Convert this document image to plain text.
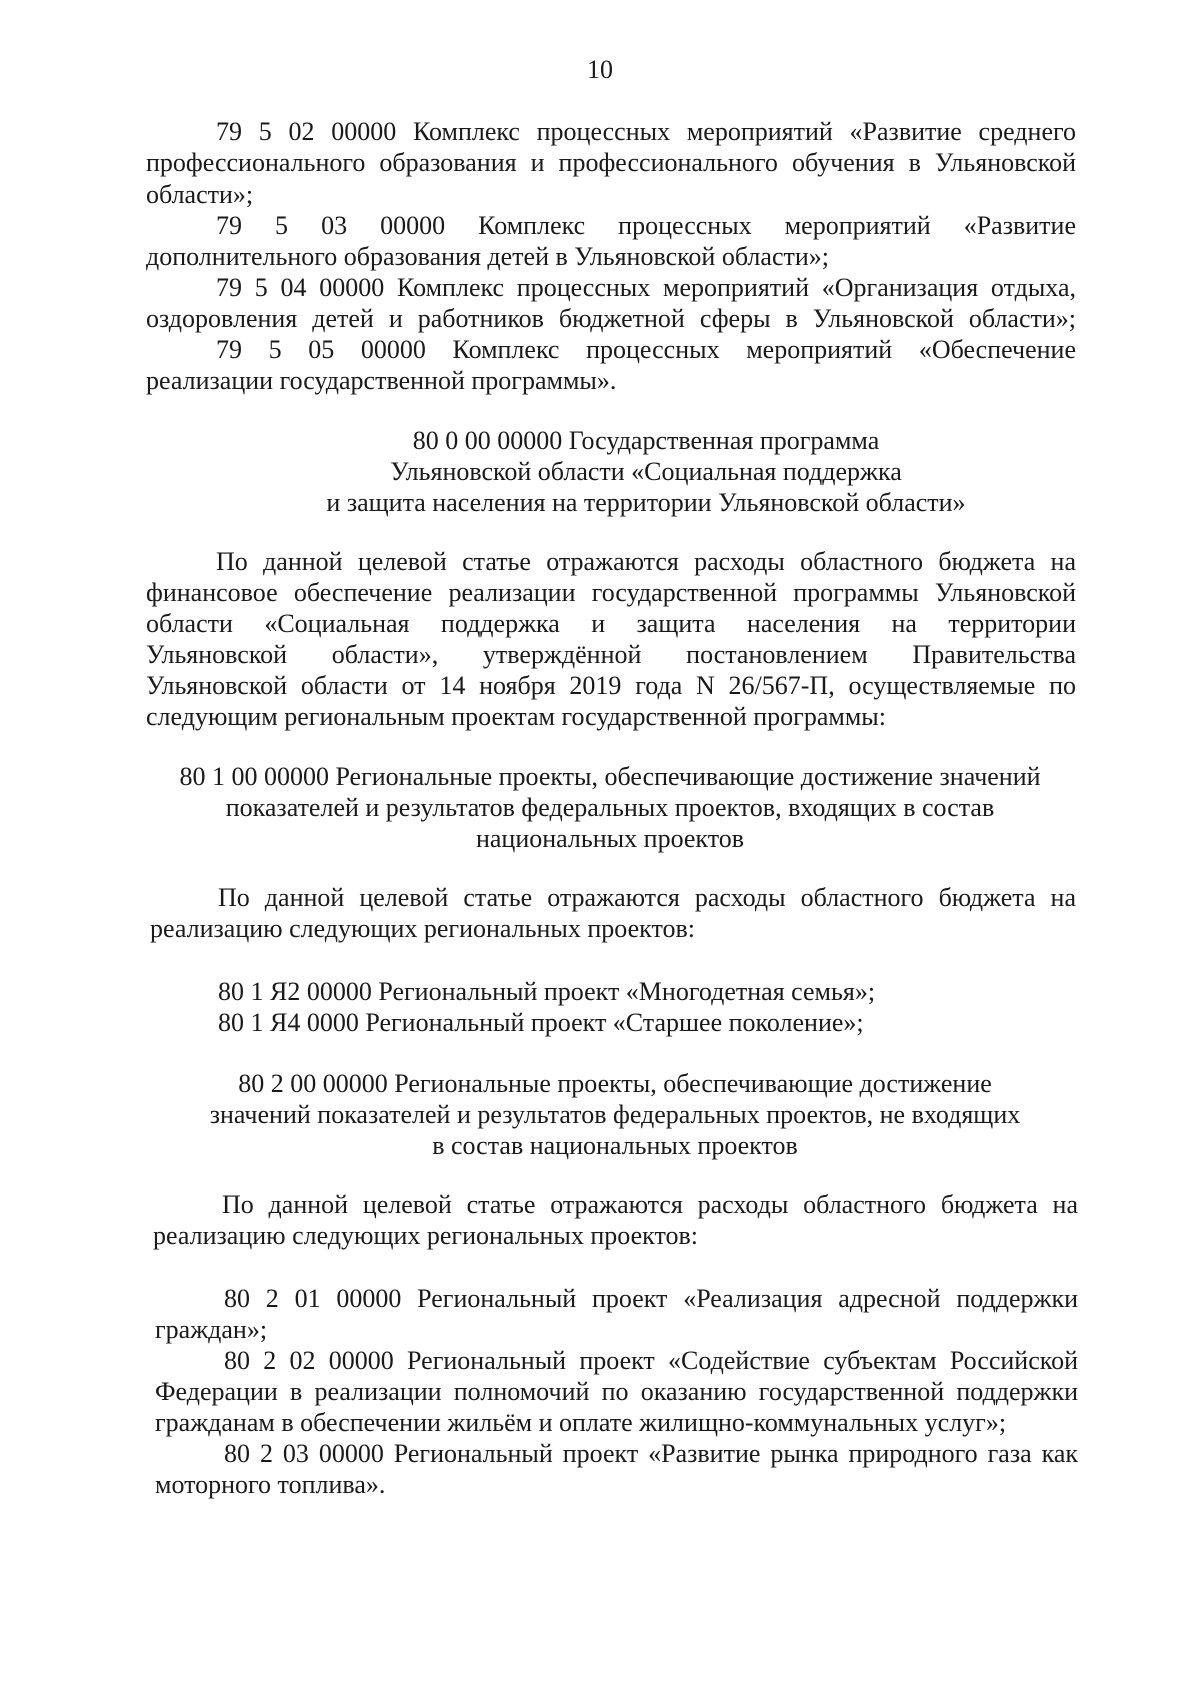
10
79 5 02 00000 Комплекс процессных мероприятий «Развитие среднего
профессионального образования и профессионального обучения в Ульяновской
области»;
79 5 03 00000 Комплекс процессных мероприятий «Развитие
дополнительного образования детей в Ульяновской области»;
79 5 04 00000 Комплекс процессных мероприятий «Организация отдыха,
оздоровления детей и работников бюджетной сферы в Ульяновской области»;
79 5 05 00000 Комплекс процессных мероприятий «Обеспечение
реализации государственной программы».
80 0 00 00000 Государственная программа
Ульяновской области «Социальная поддержка
и защита населения на территории Ульяновской области»
По данной целевой статье отражаются расходы областного бюджета на
финансовое обеспечение реализации государственной программы Ульяновской
области «Социальная поддержка и защита населения на территории
Ульяновской области», утверждённой постановлением Правительства
Ульяновской области от 14 ноября 2019 года N 26/567-П, осуществляемые по
следующим региональным проектам государственной программы:
80 1 00 00000 Региональные проекты, обеспечивающие достижение значений
показателей и результатов федеральных проектов, входящих в состав
национальных проектов
По данной целевой статье отражаются расходы областного бюджета на
реализацию следующих региональных проектов:
80 1 Я2 00000 Региональный проект «Многодетная семья»;
80 1 Я4 0000 Региональный проект «Старшее поколение»;
80 2 00 00000 Региональные проекты, обеспечивающие достижение
значений показателей и результатов федеральных проектов, не входящих
в состав национальных проектов
По данной целевой статье отражаются расходы областного бюджета на
реализацию следующих региональных проектов:
80 2 01 00000 Региональный проект «Реализация адресной поддержки
граждан»;
80 2 02 00000 Региональный проект «Содействие субъектам Российской
Федерации в реализации полномочий по оказанию государственной поддержки
гражданам в обеспечении жильём и оплате жилищно-коммунальных услуг»;
80 2 03 00000 Региональный проект «Развитие рынка природного газа как
моторного топлива».
